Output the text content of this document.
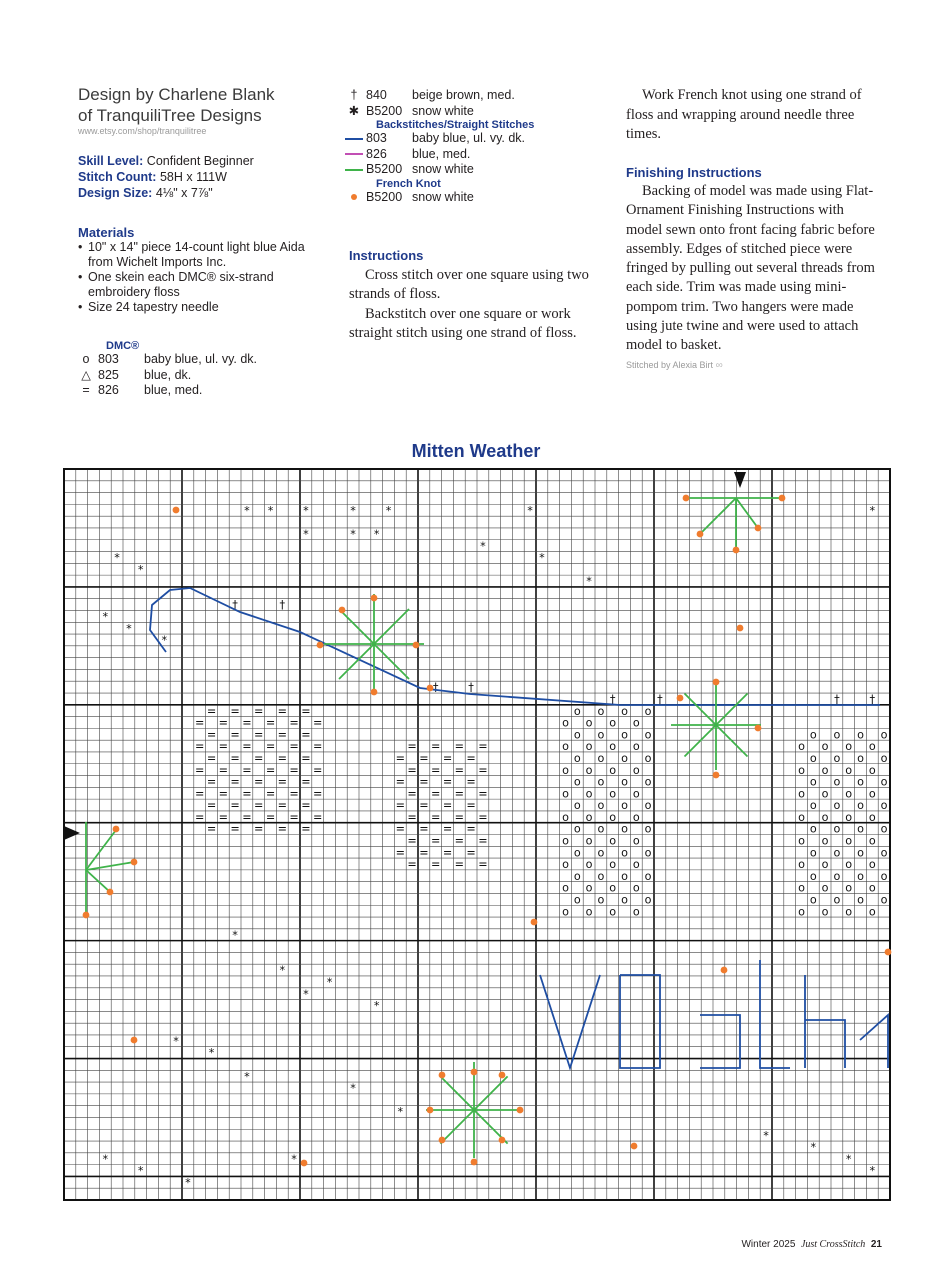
Design by Charlene Blank
of TranquiliTree Designs
www.etsy.com/shop/tranquilitree
Skill Level: Confident Beginner
Stitch Count: 58H x 111W
Design Size: 4⅛" x 7⅞"
Materials
• 10" x 14" piece 14-count light blue Aida from Wichelt Imports Inc.
• One skein each DMC® six-strand embroidery floss
• Size 24 tapestry needle
DMC®
o 803	baby blue, ul. vy. dk.
△ 825	blue, dk.
= 826	blue, med.
† 840	beige brown, med.
✱ B5200 snow white
Backstitches/Straight Stitches
803	baby blue, ul. vy. dk.
826	blue, med.
B5200 snow white
French Knot
B5200 snow white
Instructions

Cross stitch over one square using two strands of floss.

Backstitch over one square or work straight stitch using one strand of floss.

Work French knot using one strand of floss and wrapping around needle three times.

Finishing Instructions

Backing of model was made using Flat-Ornament Finishing Instructions with model sewn onto front facing fabric before assembly. Edges of stitched piece were fringed by pulling out several threads from each side. Trim was made using mini-pompom trim. Two hangers were made using jute twine and were used to attach model to basket.

Stitched by Alexia Birt ∞
Mitten Weather
= = = = =
= = = = = =
= = = = =
= = = = = =
= = = = =
= = = = = =
= = = = =
= = = = = =
= = = = =
= = = = = =
= = = = =
= = = =
= = = =
= = = =
= = = =
= = = =
= = = =
= = = =
= = = =
= = = =
= = = =
= = = =
o o o o
o o o o
o o o o
o o o o
o o o o
o o o o
o o o o
o o o o
o o o o
o o o o
o o o o
o o o o
o o o o
o o o o
o o o o
o o o o
o o o o
o o o o
o o o o
o o o o
o o o o
o o o o
o o o o
o o o o
o o o o
o o o o
o o o o
o o o o
o o o o
o o o o
o o o o
o o o o
o o o o
o o o o
* *	*	*	*	*	*
*	* *
*
*
*
*
*
*
*
*
*
*
*
*
*
*
*
*
*
*
*
*
*
*
*
*
*
*
†	†
†	†
†	†	†	†
Winter 2025 Just CrossStitch 21
